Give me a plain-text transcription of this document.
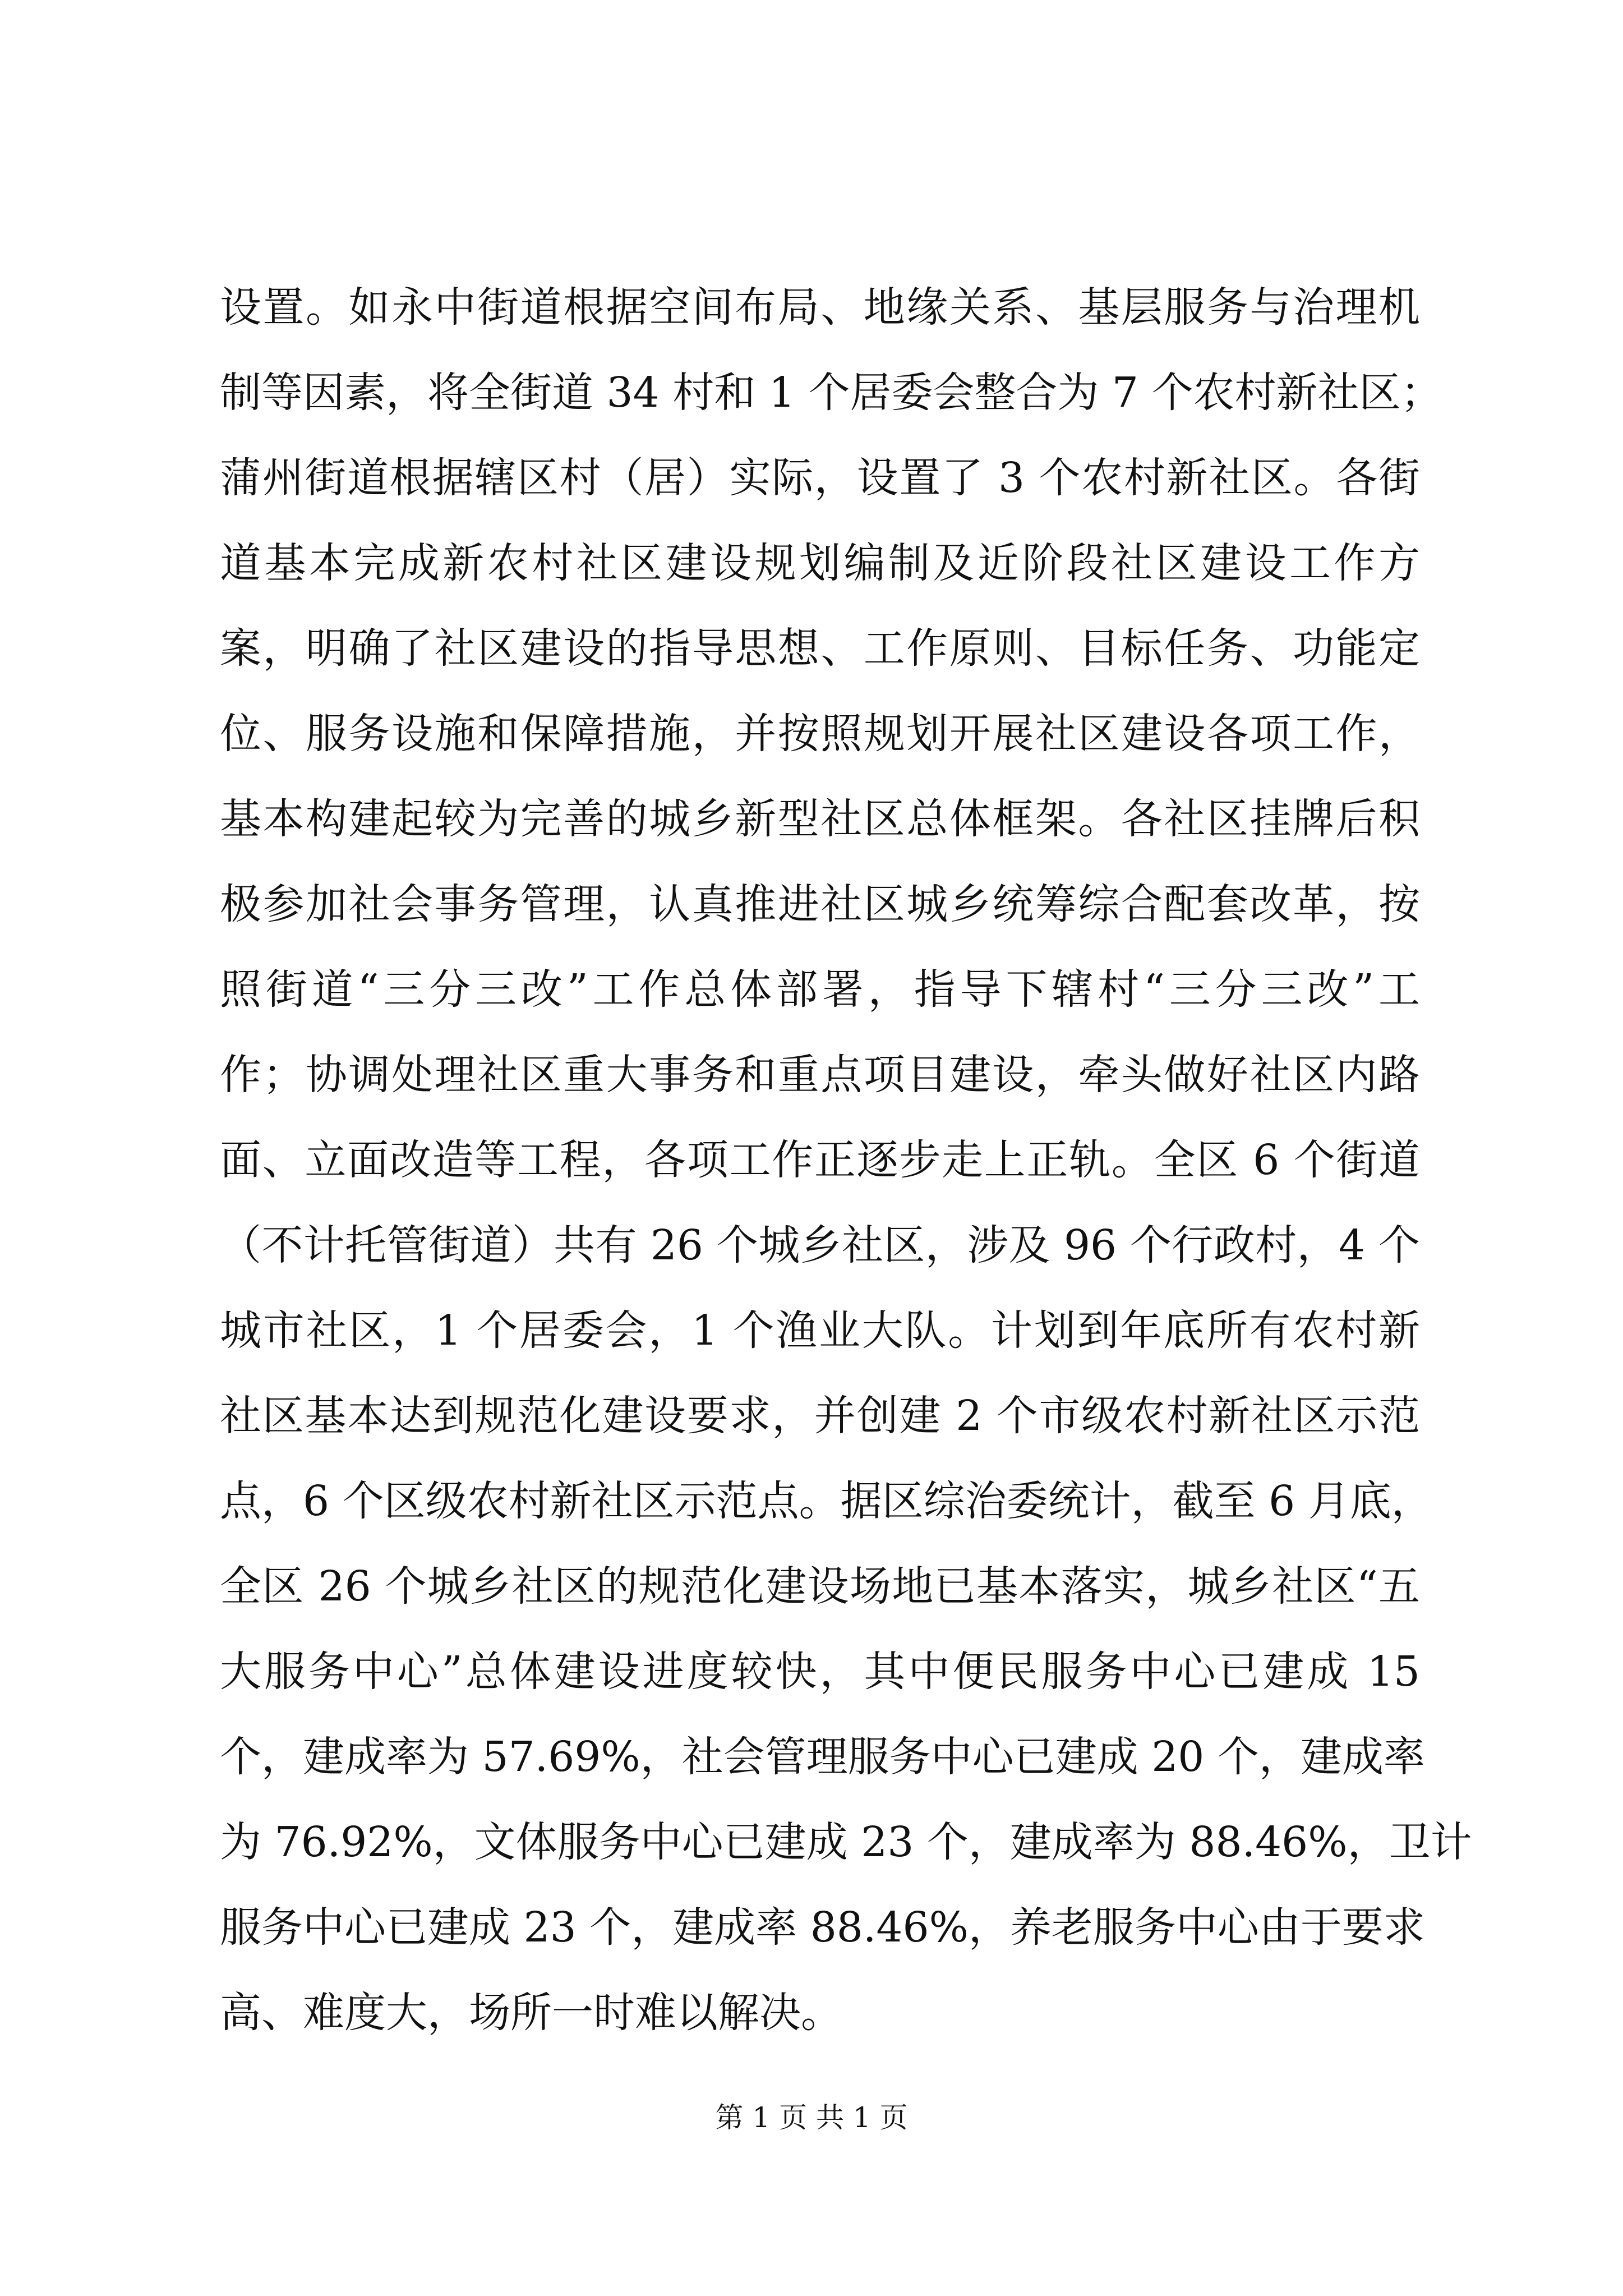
设置。如永中街道根据空间布局、地缘关系、基层服务与治理机
制等因素，将全街道 34 村和 1 个居委会整合为 7 个农村新社区；
蒲州街道根据辖区村（居）实际，设置了 3 个农村新社区。各街
道基本完成新农村社区建设规划编制及近阶段社区建设工作方
案，明确了社区建设的指导思想、工作原则、目标任务、功能定
位、服务设施和保障措施，并按照规划开展社区建设各项工作，
基本构建起较为完善的城乡新型社区总体框架。各社区挂牌后积
极参加社会事务管理，认真推进社区城乡统筹综合配套改革，按
照街道“三分三改”工作总体部署，指导下辖村“三分三改”工
作；协调处理社区重大事务和重点项目建设，牵头做好社区内路
面、立面改造等工程，各项工作正逐步走上正轨。全区 6 个街道
（不计托管街道）共有 26 个城乡社区，涉及 96 个行政村，4 个
城市社区，1 个居委会，1 个渔业大队。计划到年底所有农村新
社区基本达到规范化建设要求，并创建 2 个市级农村新社区示范
点，6 个区级农村新社区示范点。据区综治委统计，截至 6 月底，
全区 26 个城乡社区的规范化建设场地已基本落实，城乡社区“五
大服务中心”总体建设进度较快，其中便民服务中心已建成 15
个，建成率为 57.69%，社会管理服务中心已建成 20 个，建成率
为 76.92%，文体服务中心已建成 23 个，建成率为 88.46%，卫计
服务中心已建成 23 个，建成率 88.46%，养老服务中心由于要求
高、难度大，场所一时难以解决。
第 1 页 共 1 页
